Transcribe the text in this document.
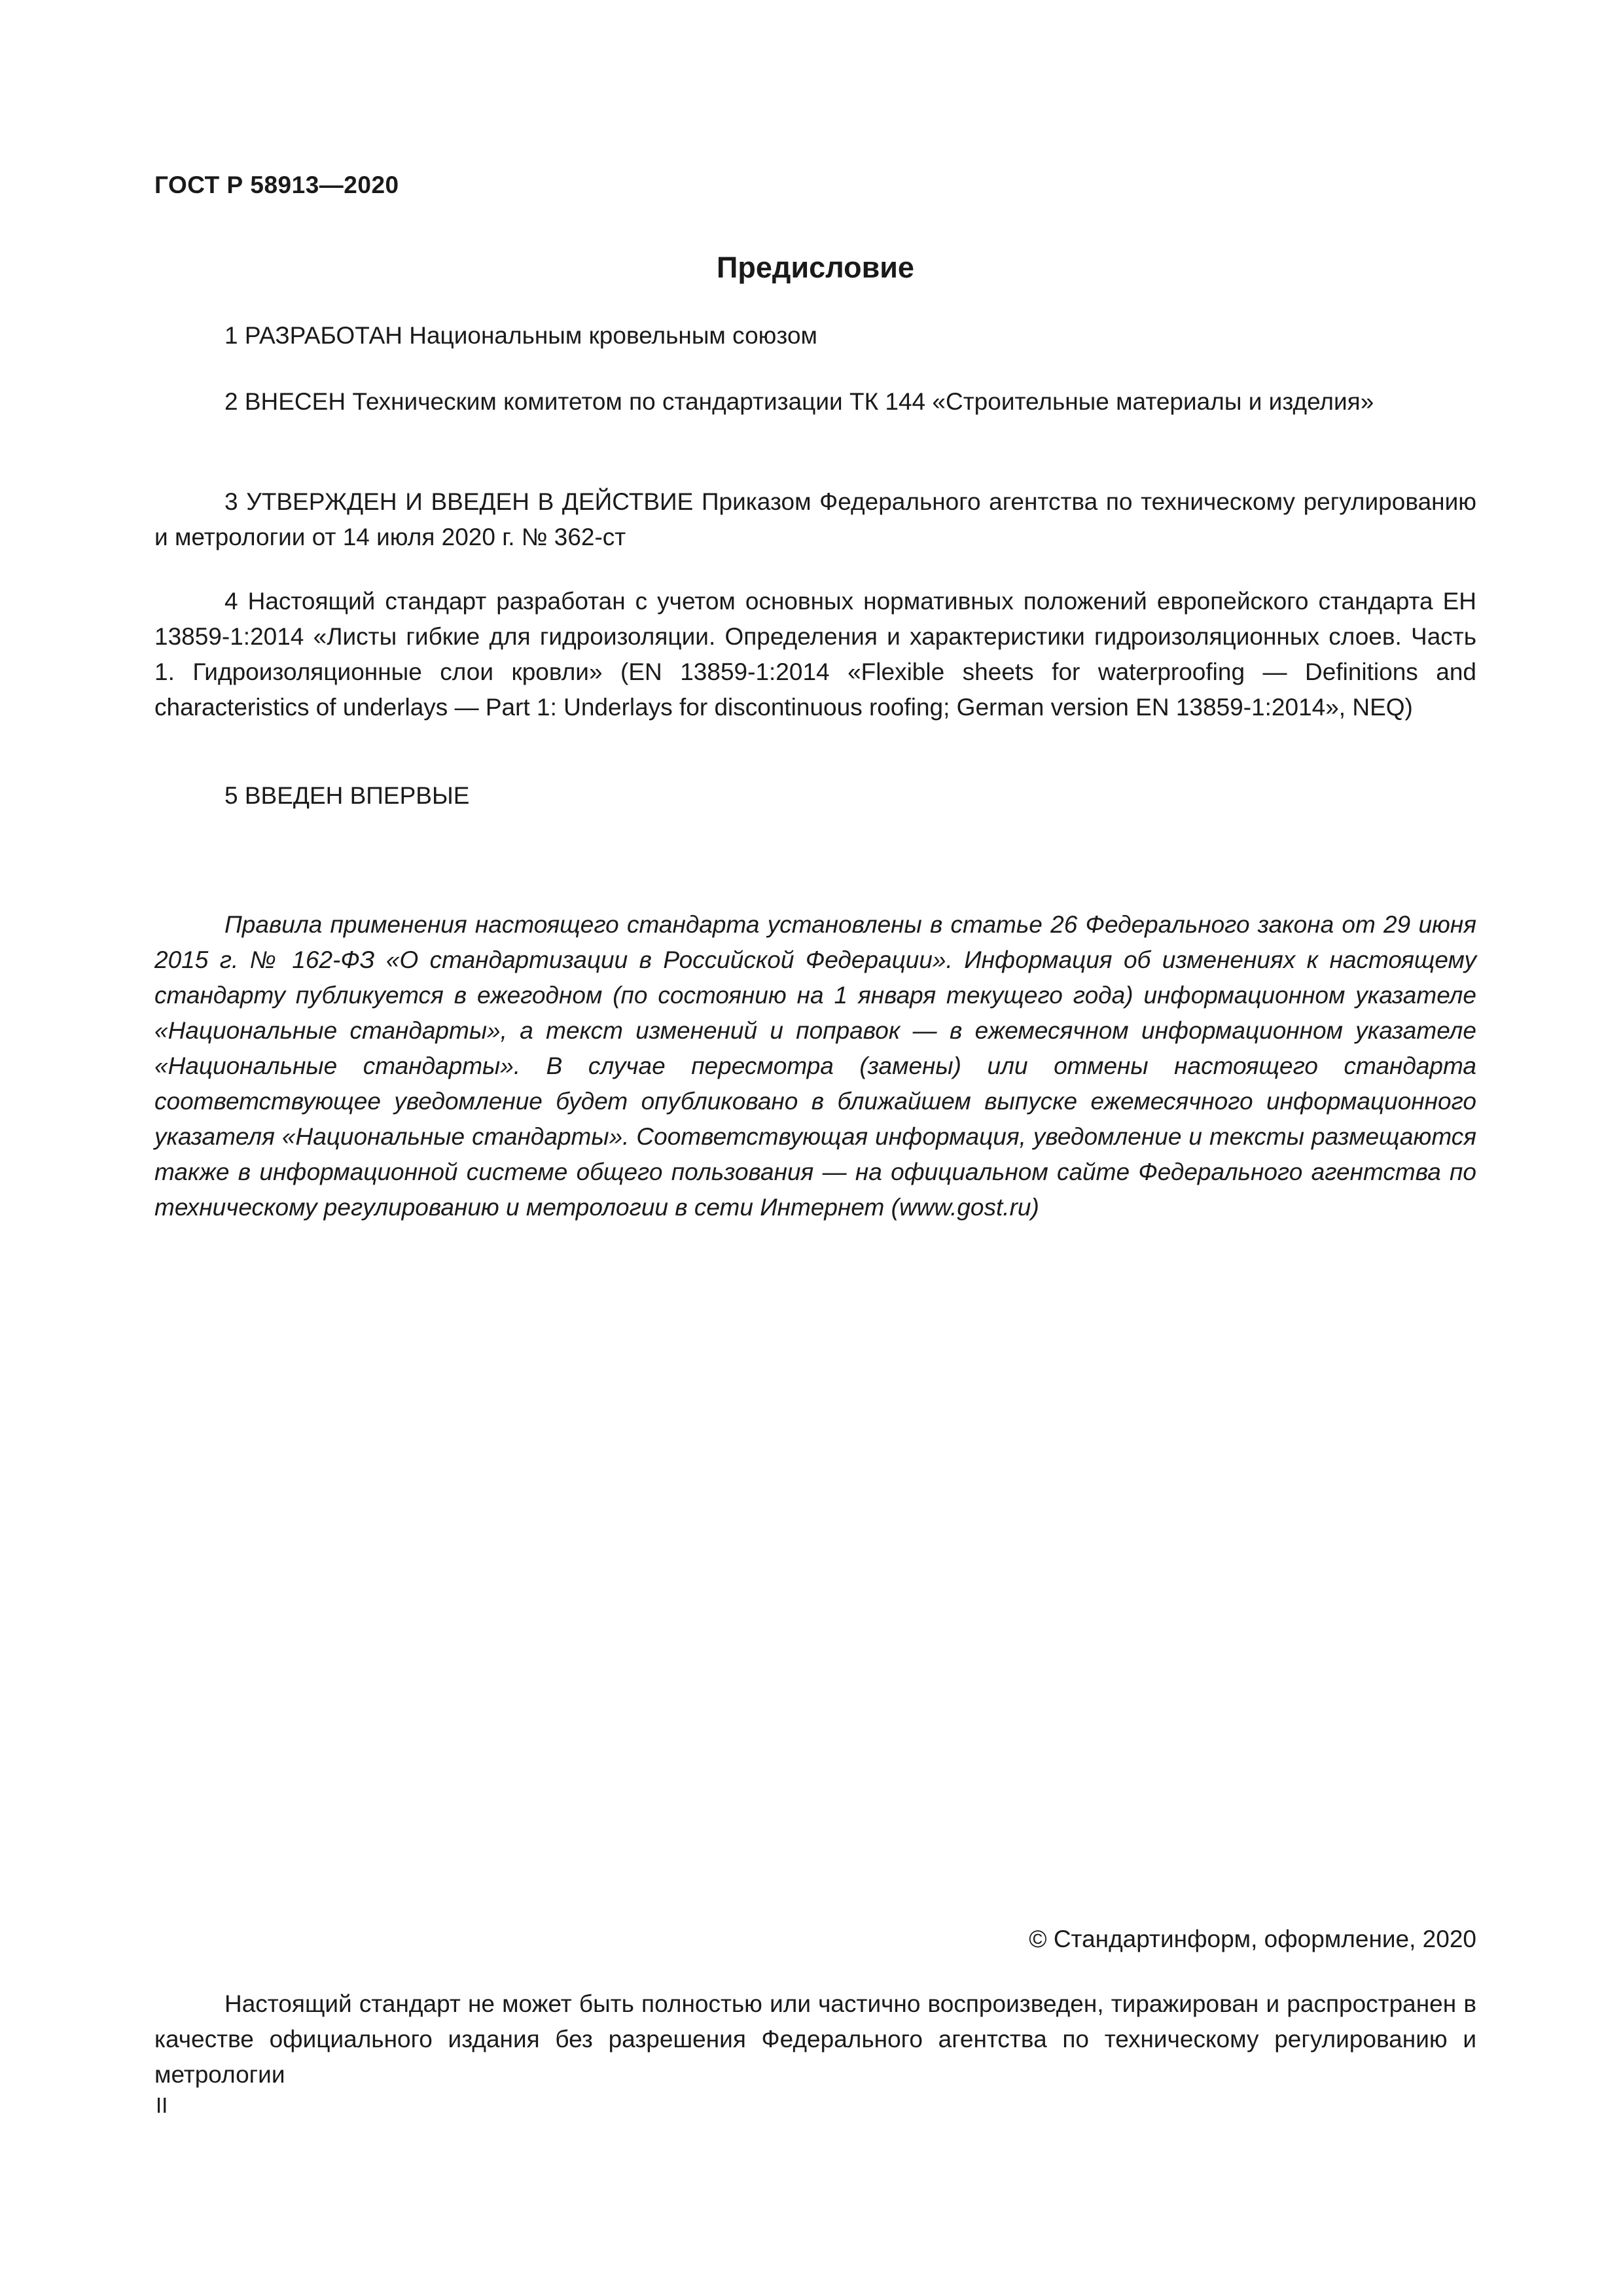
ГОСТ Р 58913—2020
Предисловие

1 РАЗРАБОТАН Национальным кровельным союзом

2 ВНЕСЕН Техническим комитетом по стандартизации ТК 144 «Строительные материалы и изделия»

3 УТВЕРЖДЕН И ВВЕДЕН В ДЕЙСТВИЕ Приказом Федерального агентства по техническому регулированию и метрологии от 14 июля 2020 г. № 362-ст

4 Настоящий стандарт разработан с учетом основных нормативных положений европейского стандарта ЕН 13859-1:2014 «Листы гибкие для гидроизоляции. Определения и характеристики гидроизоляционных слоев. Часть 1. Гидроизоляционные слои кровли» (EN 13859-1:2014 «Flexible sheets for waterproofing — Definitions and characteristics of underlays — Part 1: Underlays for discontinuous roofing; German version EN 13859-1:2014», NEQ)

5 ВВЕДЕН ВПЕРВЫЕ

Правила применения настоящего стандарта установлены в статье 26 Федерального закона от 29 июня 2015 г. № 162-ФЗ «О стандартизации в Российской Федерации». Информация об изменениях к настоящему стандарту публикуется в ежегодном (по состоянию на 1 января текущего года) информационном указателе «Национальные стандарты», а текст изменений и поправок — в ежемесячном информационном указателе «Национальные стандарты». В случае пересмотра (замены) или отмены настоящего стандарта соответствующее уведомление будет опубликовано в ближайшем выпуске ежемесячного информационного указателя «Национальные стандарты». Соответствующая информация, уведомление и тексты размещаются также в информационной системе общего пользования — на официальном сайте Федерального агентства по техническому регулированию и метрологии в сети Интернет (www.gost.ru)

© Стандартинформ, оформление, 2020

Настоящий стандарт не может быть полностью или частично воспроизведен, тиражирован и распространен в качестве официального издания без разрешения Федерального агентства по техническому регулированию и метрологии

II
